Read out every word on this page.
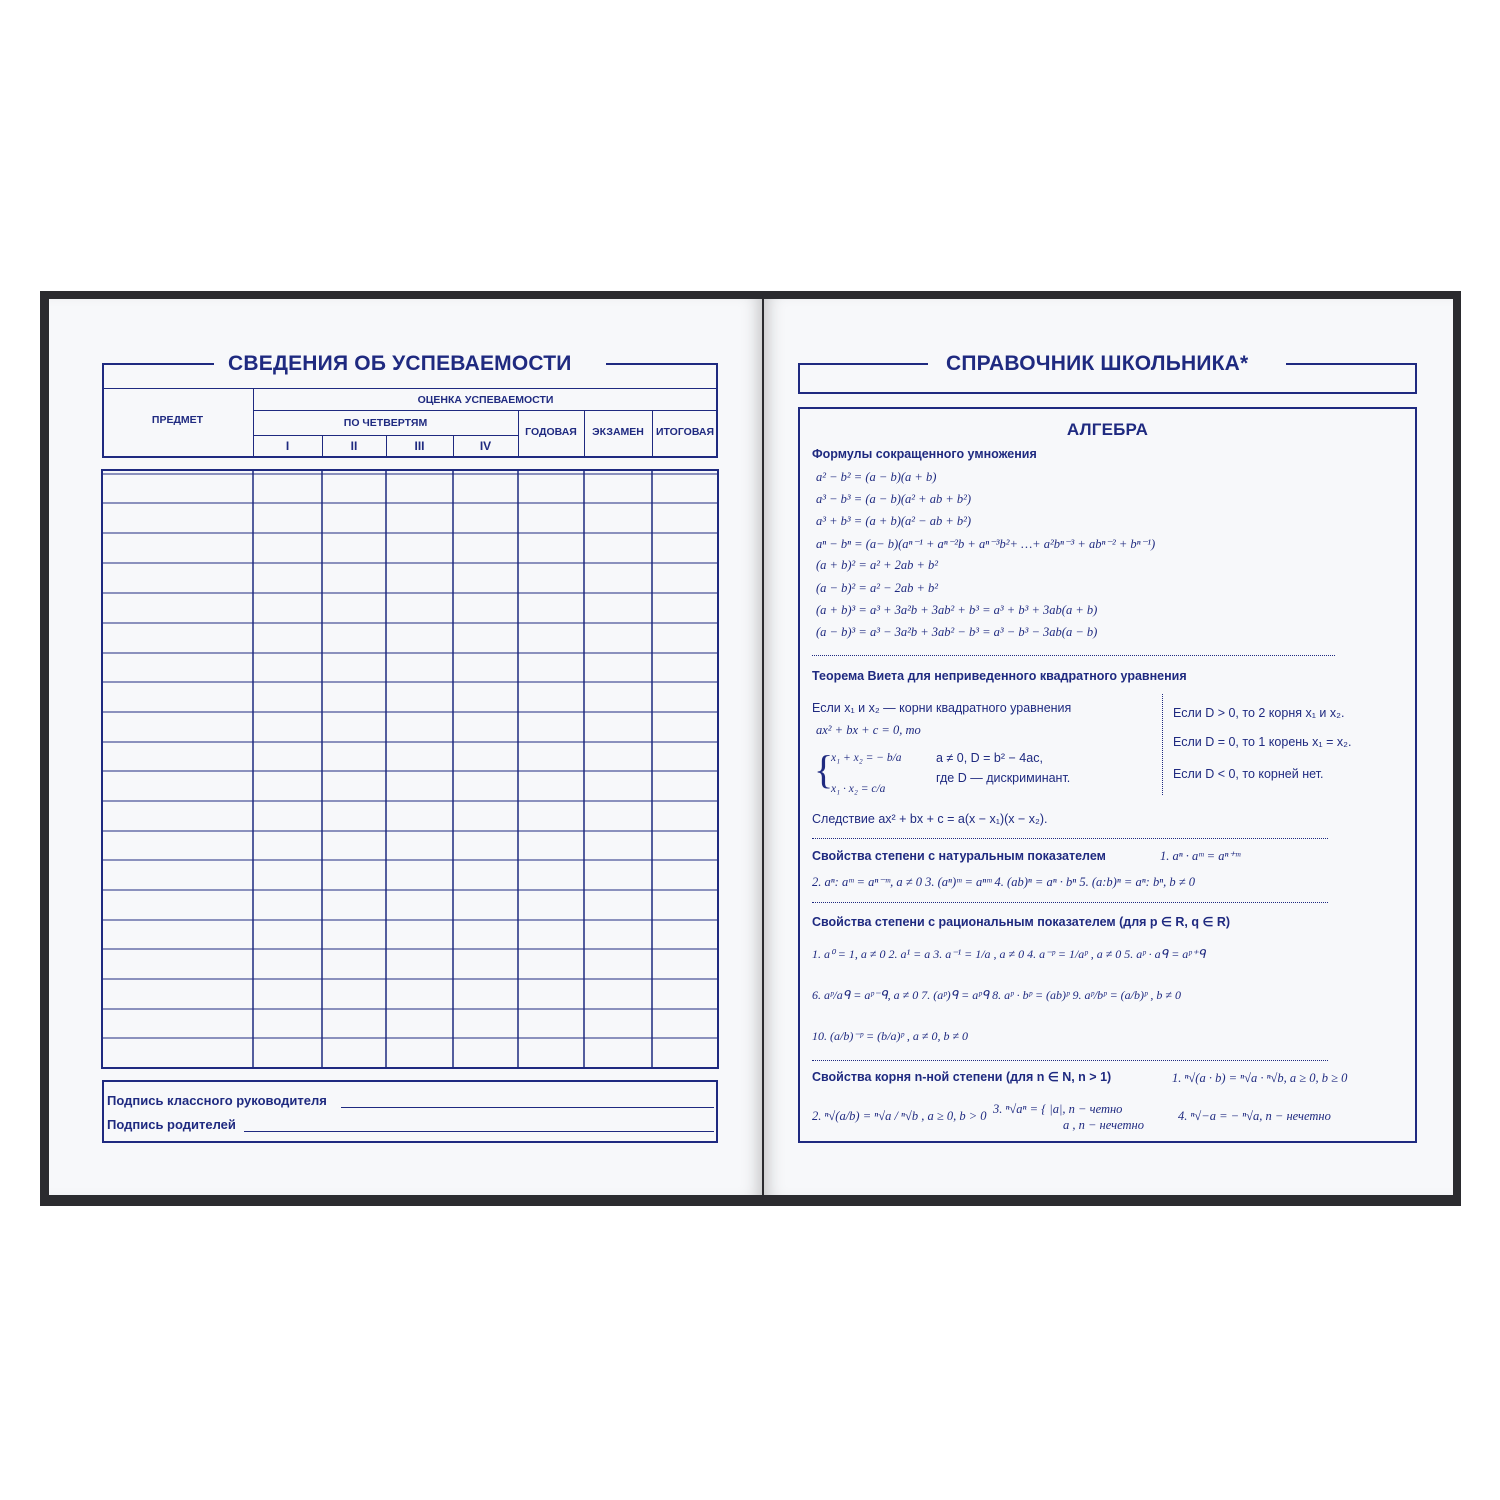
СВЕДЕНИЯ ОБ УСПЕВАЕМОСТИ
ПРЕДМЕТ
ОЦЕНКА УСПЕВАЕМОСТИ
ПО ЧЕТВЕРТЯМ
I	II	III	IV
ГОДОВАЯ	ЭКЗАМЕН	ИТОГОВАЯ
Подпись классного руководителя
Подпись родителей
СПРАВОЧНИК ШКОЛЬНИКА*
АЛГЕБРА
Формулы сокращенного умножения
a² − b² = (a − b)(a + b)
a³ − b³ = (a − b)(a² + ab + b²)
a³ + b³ = (a + b)(a² − ab + b²)
aⁿ − bⁿ = (a− b)(aⁿ⁻¹ + aⁿ⁻²b + aⁿ⁻³b²+ …+ a²bⁿ⁻³ + abⁿ⁻² + bⁿ⁻¹)
(a + b)² = a² + 2ab + b²
(a − b)² = a² − 2ab + b²
(a + b)³ = a³ + 3a²b + 3ab² + b³ = a³ + b³ + 3ab(a + b)
(a − b)³ = a³ − 3a²b + 3ab² − b³ = a³ − b³ − 3ab(a − b)
Теорема Виета для неприведенного квадратного уравнения
Если x₁ и x₂ — корни квадратного уравнения
ax² + bx + c = 0, то
{
x₁ + x₂ = − b/a
x₁ · x₂ = c/a
a ≠ 0, D = b² − 4ac,
где D — дискриминант.
Если D > 0, то 2 корня x₁ и x₂.
Если D = 0, то 1 корень x₁ = x₂.
Если D < 0, то корней нет.
Следствие ax² + bx + c = a(x − x₁)(x − x₂).
Свойства степени с натуральным показателем	1. aⁿ · aᵐ = aⁿ⁺ᵐ
2. aⁿ: aᵐ = aⁿ⁻ᵐ, a ≠ 0 3. (aⁿ)ᵐ = aⁿᵐ 4. (ab)ⁿ = aⁿ · bⁿ 5. (a:b)ⁿ = aⁿ: bⁿ, b ≠ 0
Свойства степени с рациональным показателем (для p ∈ R, q ∈ R)
1. a⁰ = 1, a ≠ 0 2. a¹ = a 3. a⁻¹ = 1/a , a ≠ 0 4. a⁻ᵖ = 1/aᵖ , a ≠ 0 5. aᵖ · aᑫ = aᵖ⁺ᑫ
6. aᵖ/aᑫ = aᵖ⁻ᑫ, a ≠ 0 7. (aᵖ)ᑫ = aᵖᑫ 8. aᵖ · bᵖ = (ab)ᵖ 9. aᵖ/bᵖ = (a/b)ᵖ , b ≠ 0
10. (a/b)⁻ᵖ = (b/a)ᵖ , a ≠ 0, b ≠ 0
Свойства корня n-ной степени (для n ∈ N, n > 1)	1. ⁿ√(a · b) = ⁿ√a · ⁿ√b, a ≥ 0, b ≥ 0
2. ⁿ√(a/b) = ⁿ√a / ⁿ√b , a ≥ 0, b > 0 3. ⁿ√aⁿ = { |a|, n − четно
a , n − нечетно
4. ⁿ√−a = − ⁿ√a, n − нечетно
